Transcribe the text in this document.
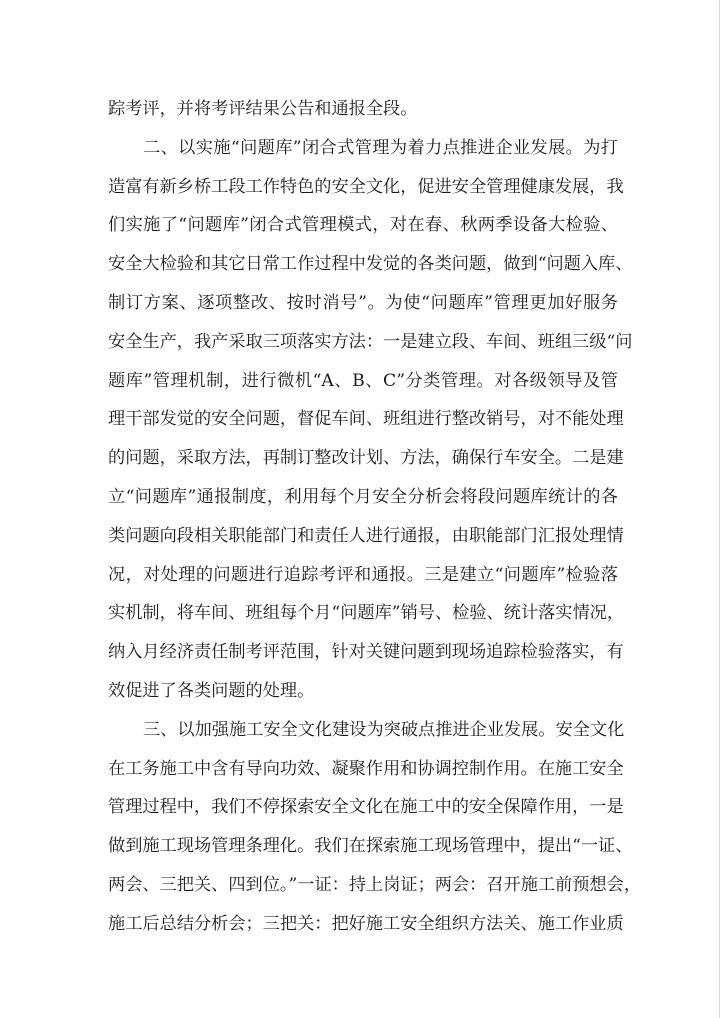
踪考评，并将考评结果公告和通报全段。
二、以实施“问题库”闭合式管理为着力点推进企业发展。为打
造富有新乡桥工段工作特色的安全文化，促进安全管理健康发展，我
们实施了“问题库”闭合式管理模式，对在春、秋两季设备大检验、
安全大检验和其它日常工作过程中发觉的各类问题，做到“问题入库、
制订方案、逐项整改、按时消号”。为使“问题库”管理更加好服务
安全生产，我产采取三项落实方法：一是建立段、车间、班组三级“问
题库”管理机制，进行微机“A、B、C”分类管理。对各级领导及管
理干部发觉的安全问题，督促车间、班组进行整改销号，对不能处理
的问题，采取方法，再制订整改计划、方法，确保行车安全。二是建
立“问题库”通报制度，利用每个月安全分析会将段问题库统计的各
类问题向段相关职能部门和责任人进行通报，由职能部门汇报处理情
况，对处理的问题进行追踪考评和通报。三是建立“问题库”检验落
实机制，将车间、班组每个月“问题库”销号、检验、统计落实情况，
纳入月经济责任制考评范围，针对关键问题到现场追踪检验落实，有
效促进了各类问题的处理。
三、以加强施工安全文化建设为突破点推进企业发展。安全文化
在工务施工中含有导向功效、凝聚作用和协调控制作用。在施工安全
管理过程中，我们不停探索安全文化在施工中的安全保障作用，一是
做到施工现场管理条理化。我们在探索施工现场管理中，提出“一证、
两会、三把关、四到位。”一证：持上岗证；两会：召开施工前预想会，
施工后总结分析会；三把关：把好施工安全组织方法关、施工作业质
